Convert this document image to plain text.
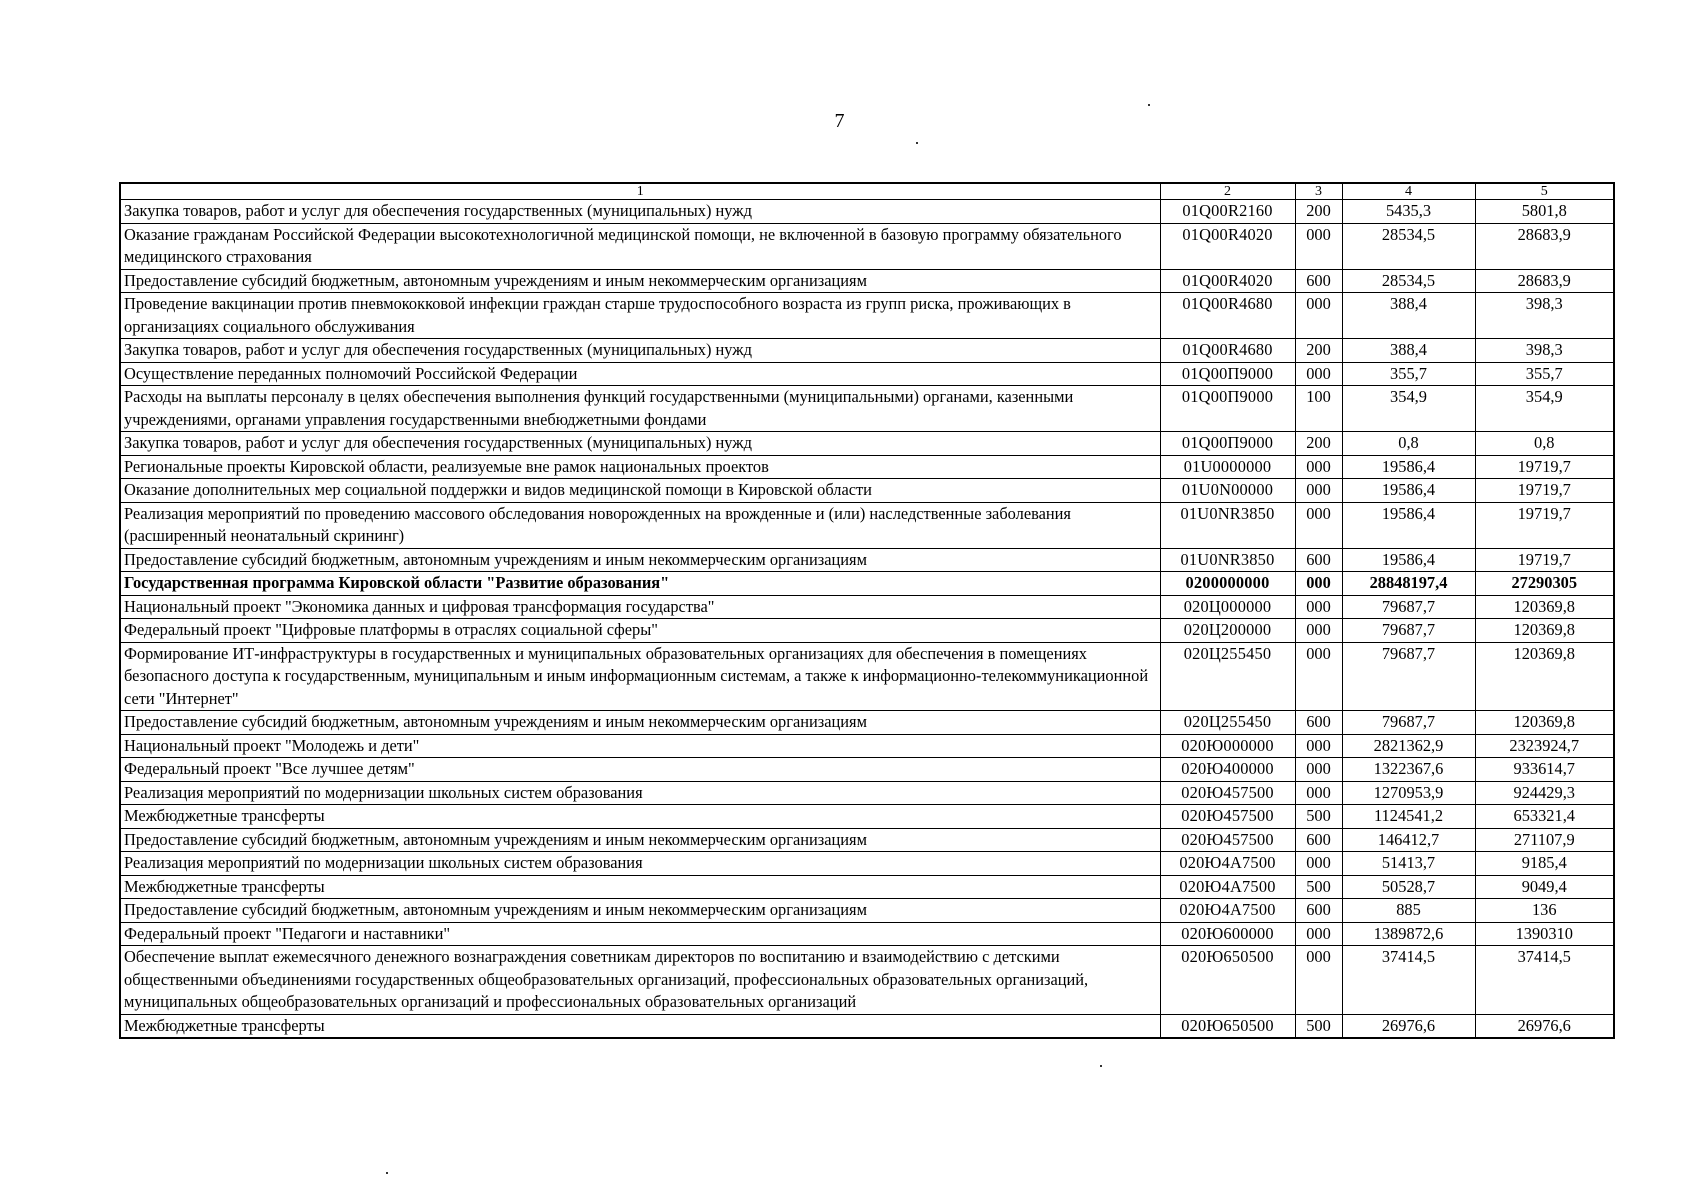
7
1	2	3	4	5
Закупка товаров, работ и услуг для обеспечения государственных (муниципальных) нужд	01Q00R2160	200	5435,3	5801,8
Оказание гражданам Российской Федерации высокотехнологичной медицинской помощи, не включенной в базовую программу обязательного медицинского страхования	01Q00R4020	000	28534,5	28683,9
Предоставление субсидий бюджетным, автономным учреждениям и иным некоммерческим организациям	01Q00R4020	600	28534,5	28683,9
Проведение вакцинации против пневмококковой инфекции граждан старше трудоспособного возраста из групп риска, проживающих в организациях социального обслуживания	01Q00R4680	000	388,4	398,3
Закупка товаров, работ и услуг для обеспечения государственных (муниципальных) нужд	01Q00R4680	200	388,4	398,3
Осуществление переданных полномочий Российской Федерации	01Q00П9000	000	355,7	355,7
Расходы на выплаты персоналу в целях обеспечения выполнения функций государственными (муниципальными) органами, казенными учреждениями, органами управления государственными внебюджетными фондами	01Q00П9000	100	354,9	354,9
Закупка товаров, работ и услуг для обеспечения государственных (муниципальных) нужд	01Q00П9000	200	0,8	0,8
Региональные проекты Кировской области, реализуемые вне рамок национальных проектов	01U0000000	000	19586,4	19719,7
Оказание дополнительных мер социальной поддержки и видов медицинской помощи в Кировской области	01U0N00000	000	19586,4	19719,7
Реализация мероприятий по проведению массового обследования новорожденных на врожденные и (или) наследственные заболевания (расширенный неонатальный скрининг)	01U0NR3850	000	19586,4	19719,7
Предоставление субсидий бюджетным, автономным учреждениям и иным некоммерческим организациям	01U0NR3850	600	19586,4	19719,7
Государственная программа Кировской области "Развитие образования"	0200000000	000	28848197,4	27290305
Национальный проект "Экономика данных и цифровая трансформация государства"	020Ц000000	000	79687,7	120369,8
Федеральный проект "Цифровые платформы в отраслях социальной сферы"	020Ц200000	000	79687,7	120369,8
Формирование ИТ-инфраструктуры в государственных и муниципальных образовательных организациях для обеспечения в помещениях безопасного доступа к государственным, муниципальным и иным информационным системам, а также к информационно-телекоммуникационной сети "Интернет"	020Ц255450	000	79687,7	120369,8
Предоставление субсидий бюджетным, автономным учреждениям и иным некоммерческим организациям	020Ц255450	600	79687,7	120369,8
Национальный проект "Молодежь и дети"	020Ю000000	000	2821362,9	2323924,7
Федеральный проект "Все лучшее детям"	020Ю400000	000	1322367,6	933614,7
Реализация мероприятий по модернизации школьных систем образования	020Ю457500	000	1270953,9	924429,3
Межбюджетные трансферты	020Ю457500	500	1124541,2	653321,4
Предоставление субсидий бюджетным, автономным учреждениям и иным некоммерческим организациям	020Ю457500	600	146412,7	271107,9
Реализация мероприятий по модернизации школьных систем образования	020Ю4А7500	000	51413,7	9185,4
Межбюджетные трансферты	020Ю4А7500	500	50528,7	9049,4
Предоставление субсидий бюджетным, автономным учреждениям и иным некоммерческим организациям	020Ю4А7500	600	885	136
Федеральный проект "Педагоги и наставники"	020Ю600000	000	1389872,6	1390310
Обеспечение выплат ежемесячного денежного вознаграждения советникам директоров по воспитанию и взаимодействию с детскими общественными объединениями государственных общеобразовательных организаций, профессиональных образовательных организаций, муниципальных общеобразовательных организаций и профессиональных образовательных организаций	020Ю650500	000	37414,5	37414,5
Межбюджетные трансферты	020Ю650500	500	26976,6	26976,6
